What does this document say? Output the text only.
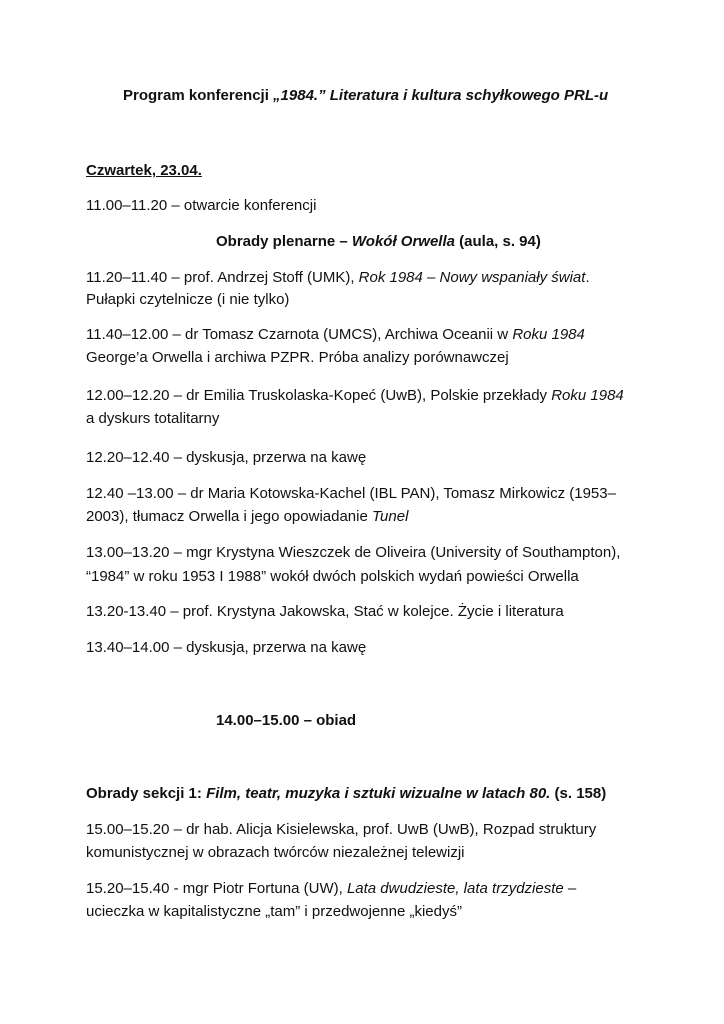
Program konferencji „1984.” Literatura i kultura schyłkowego PRL-u
Czwartek, 23.04.
11.00–11.20 – otwarcie konferencji
Obrady plenarne – Wokół Orwella (aula, s. 94)
11.20–11.40 – prof. Andrzej Stoff (UMK), Rok 1984 – Nowy wspaniały świat.
Pułapki czytelnicze (i nie tylko)
11.40–12.00 – dr Tomasz Czarnota (UMCS), Archiwa Oceanii w Roku 1984
George’a Orwella i archiwa PZPR. Próba analizy porównawczej
12.00–12.20 – dr Emilia Truskolaska-Kopeć (UwB), Polskie przekłady Roku 1984
a dyskurs totalitarny
12.20–12.40 – dyskusja, przerwa na kawę
12.40 –13.00 – dr Maria Kotowska-Kachel (IBL PAN), Tomasz Mirkowicz (1953–
2003), tłumacz Orwella i jego opowiadanie Tunel
13.00–13.20 – mgr Krystyna Wieszczek de Oliveira (University of Southampton),
“1984” w roku 1953 I 1988” wokół dwóch polskich wydań powieści Orwella
13.20-13.40 – prof. Krystyna Jakowska, Stać w kolejce. Życie i literatura
13.40–14.00 – dyskusja, przerwa na kawę
14.00–15.00 – obiad
Obrady sekcji 1: Film, teatr, muzyka i sztuki wizualne w latach 80. (s. 158)
15.00–15.20 – dr hab. Alicja Kisielewska, prof. UwB (UwB), Rozpad struktury
komunistycznej w obrazach twórców niezależnej telewizji
15.20–15.40 - mgr Piotr Fortuna (UW), Lata dwudzieste, lata trzydzieste –
ucieczka w kapitalistyczne „tam” i przedwojenne „kiedyś”
